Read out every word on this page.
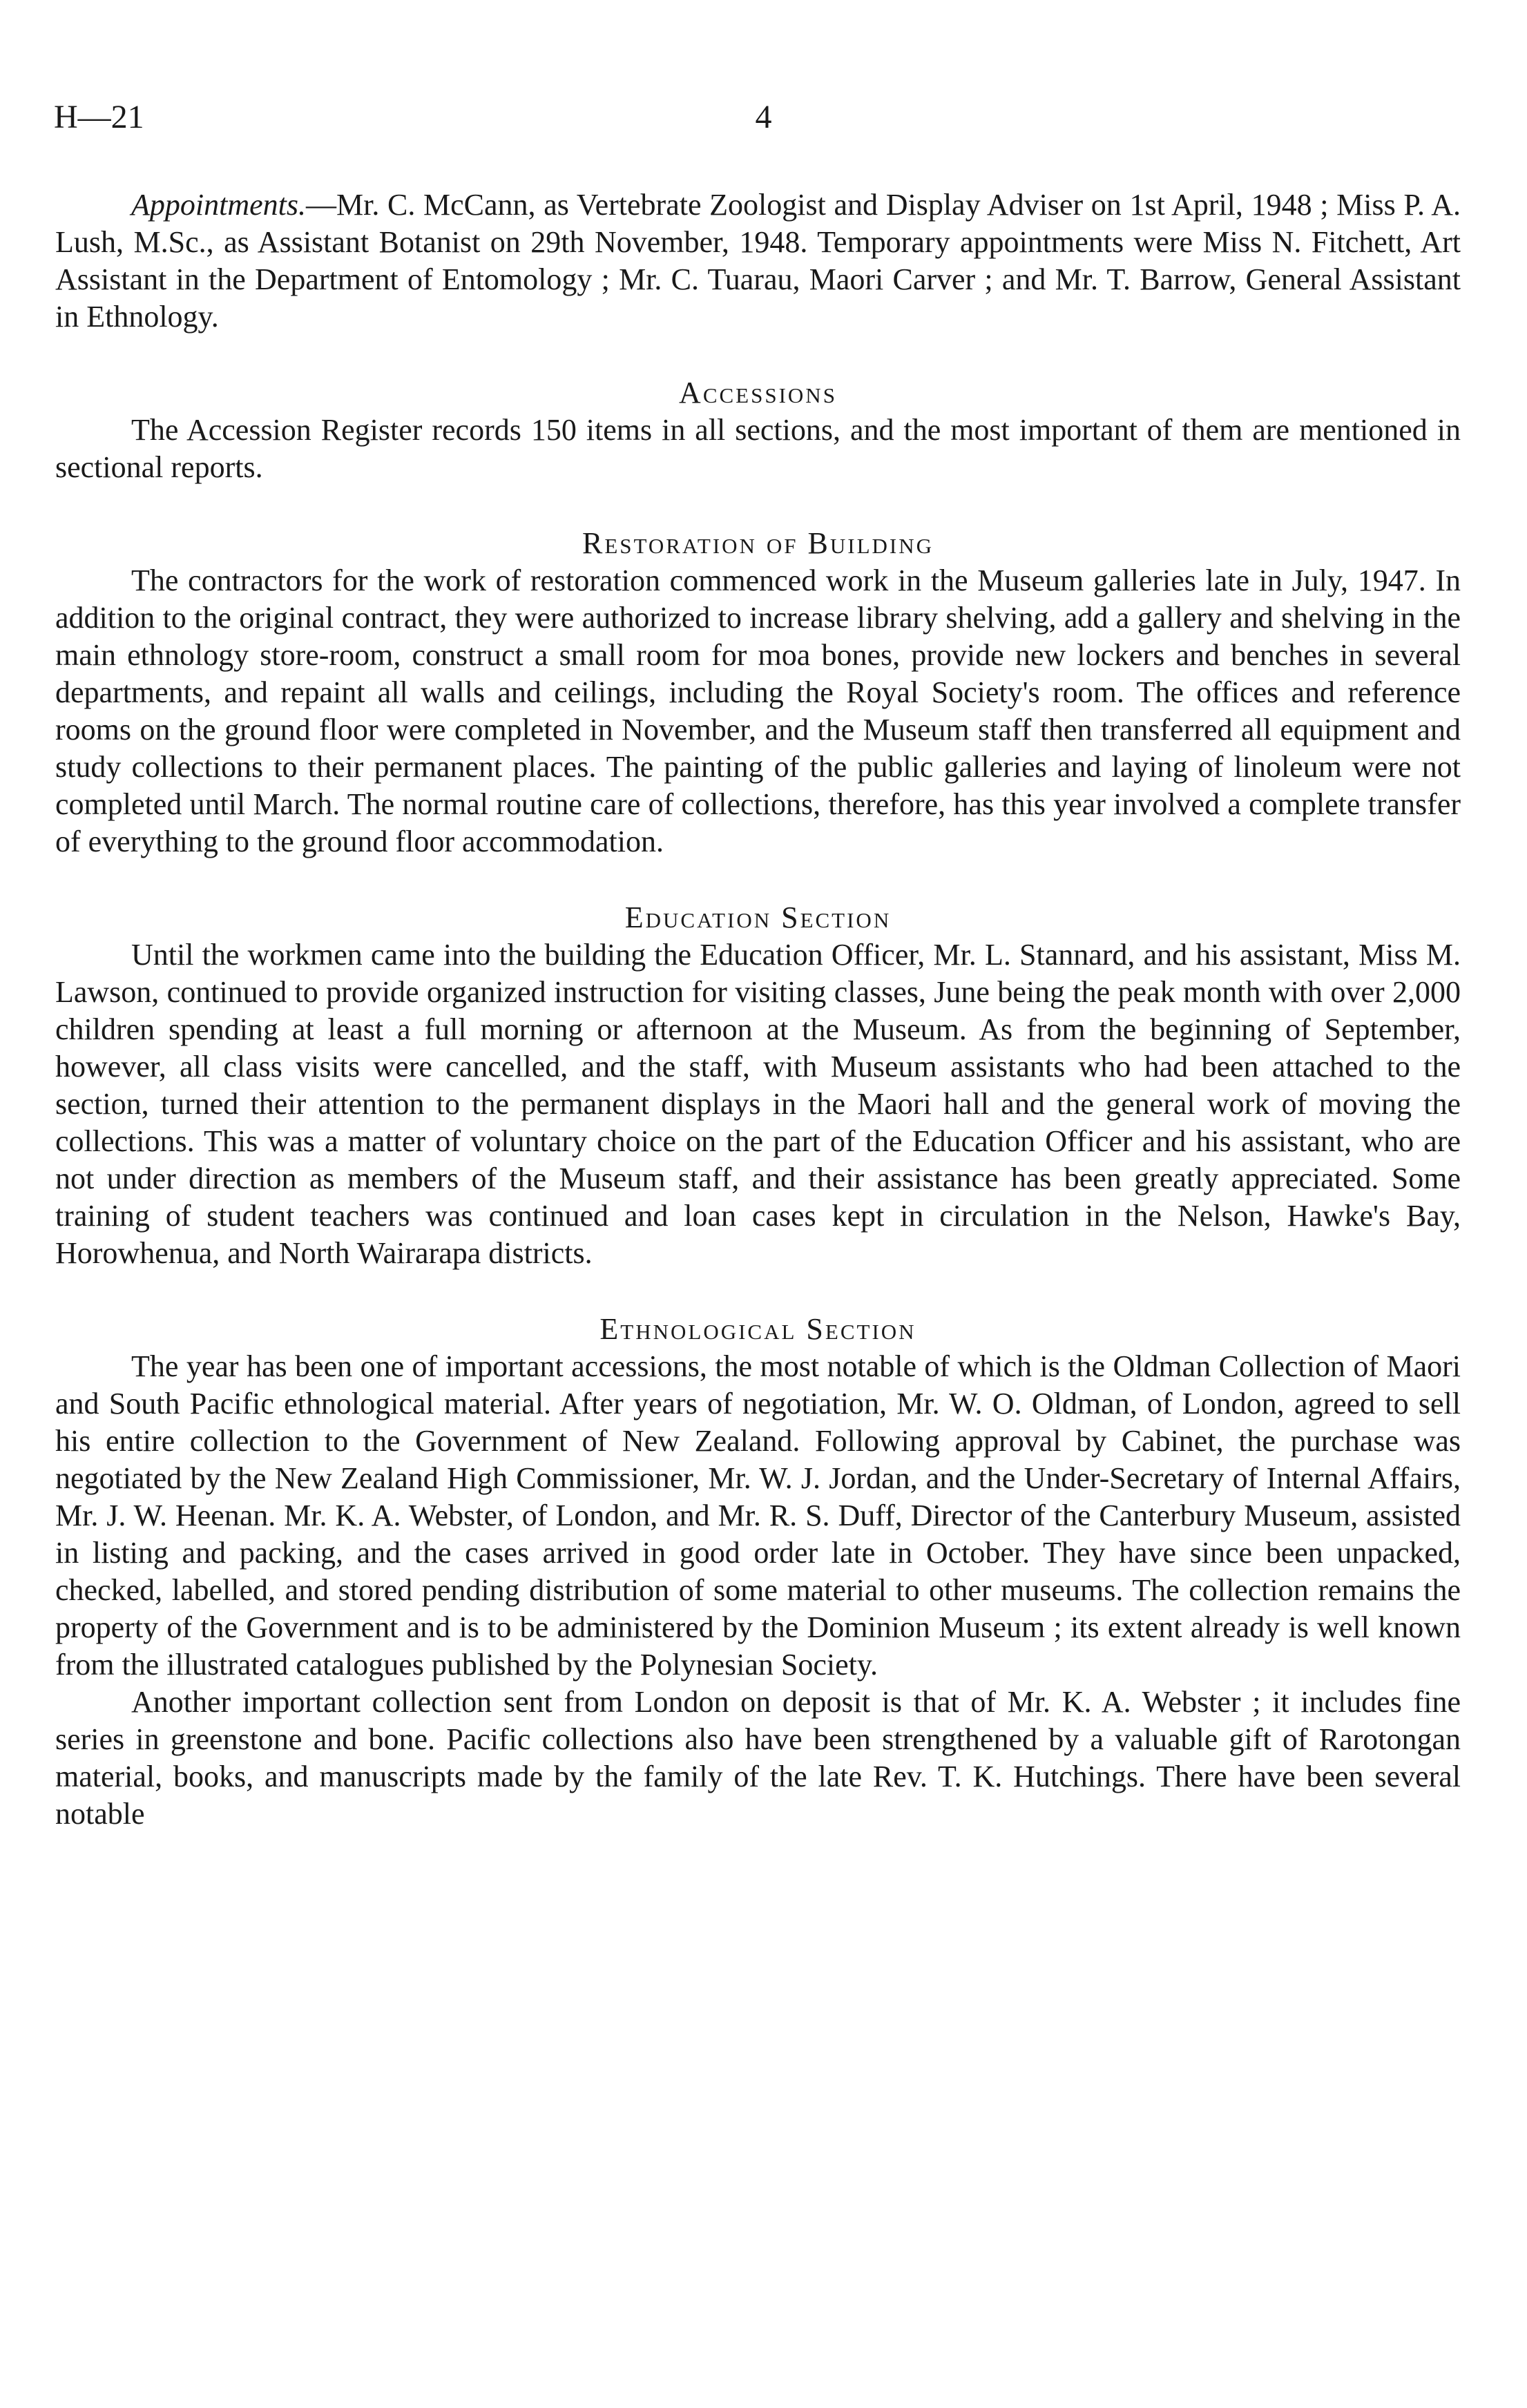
H—21	4

Appointments.—Mr. C. McCann, as Vertebrate Zoologist and Display Adviser on 1st April, 1948 ; Miss P. A. Lush, M.Sc., as Assistant Botanist on 29th November, 1948. Temporary appointments were Miss N. Fitchett, Art Assistant in the Department of Entomology ; Mr. C. Tuarau, Maori Carver ; and Mr. T. Barrow, General Assistant in Ethnology.

Accessions

The Accession Register records 150 items in all sections, and the most important of them are mentioned in sectional reports.

Restoration of Building

The contractors for the work of restoration commenced work in the Museum galleries late in July, 1947. In addition to the original contract, they were authorized to increase library shelving, add a gallery and shelving in the main ethnology store-room, construct a small room for moa bones, provide new lockers and benches in several departments, and repaint all walls and ceilings, including the Royal Society's room. The offices and reference rooms on the ground floor were completed in November, and the Museum staff then transferred all equipment and study collections to their permanent places. The painting of the public galleries and laying of linoleum were not completed until March. The normal routine care of collections, therefore, has this year involved a complete transfer of everything to the ground floor accommodation.

Education Section

Until the workmen came into the building the Education Officer, Mr. L. Stannard, and his assistant, Miss M. Lawson, continued to provide organized instruction for visiting classes, June being the peak month with over 2,000 children spending at least a full morning or afternoon at the Museum. As from the beginning of September, however, all class visits were cancelled, and the staff, with Museum assistants who had been attached to the section, turned their attention to the permanent displays in the Maori hall and the general work of moving the collections. This was a matter of voluntary choice on the part of the Education Officer and his assistant, who are not under direction as members of the Museum staff, and their assistance has been greatly appreciated. Some training of student teachers was continued and loan cases kept in circulation in the Nelson, Hawke's Bay, Horowhenua, and North Wairarapa districts.

Ethnological Section

The year has been one of important accessions, the most notable of which is the Oldman Collection of Maori and South Pacific ethnological material. After years of negotiation, Mr. W. O. Oldman, of London, agreed to sell his entire collection to the Government of New Zealand. Following approval by Cabinet, the purchase was negotiated by the New Zealand High Commissioner, Mr. W. J. Jordan, and the Under-Secretary of Internal Affairs, Mr. J. W. Heenan. Mr. K. A. Webster, of London, and Mr. R. S. Duff, Director of the Canterbury Museum, assisted in listing and packing, and the cases arrived in good order late in October. They have since been unpacked, checked, labelled, and stored pending distribution of some material to other museums. The collection remains the property of the Government and is to be administered by the Dominion Museum ; its extent already is well known from the illustrated catalogues published by the Polynesian Society.

Another important collection sent from London on deposit is that of Mr. K. A. Webster ; it includes fine series in greenstone and bone. Pacific collections also have been strengthened by a valuable gift of Rarotongan material, books, and manuscripts made by the family of the late Rev. T. K. Hutchings. There have been several notable
